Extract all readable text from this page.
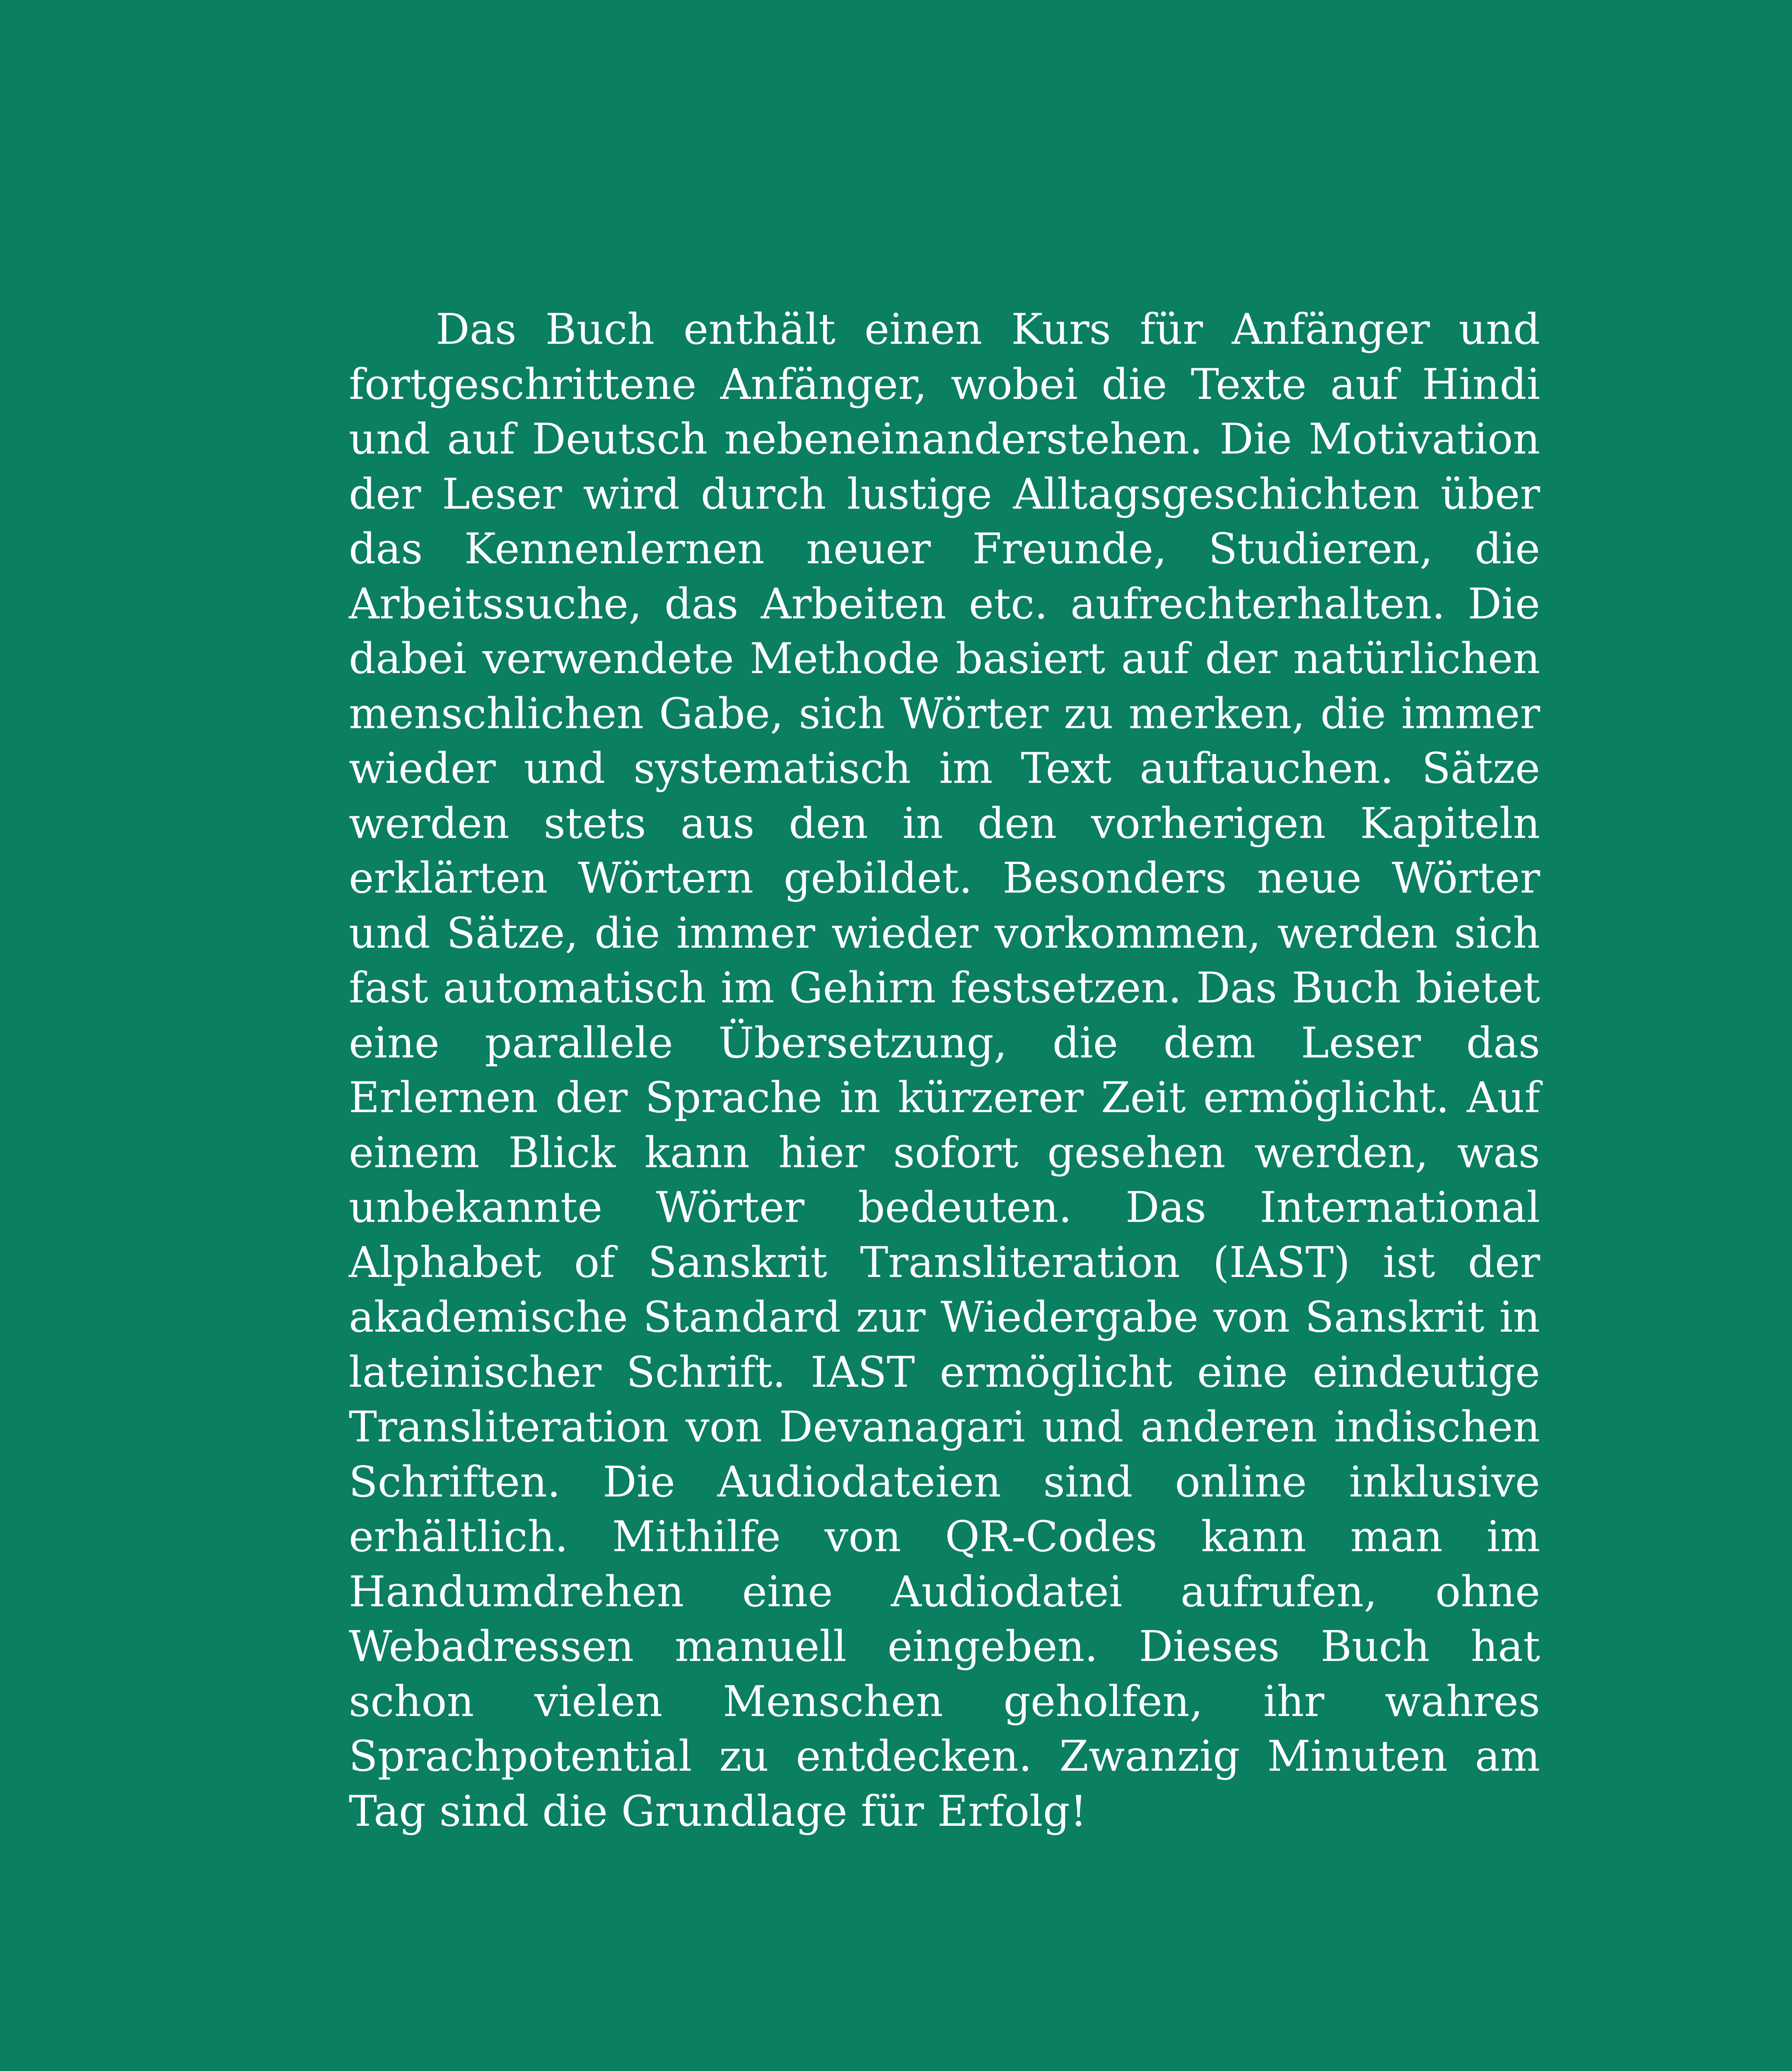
Das Buch enthält einen Kurs für Anfänger und fortgeschrittene Anfänger, wobei die Texte auf Hindi und auf Deutsch nebeneinanderstehen. Die Motivation der Leser wird durch lustige Alltagsgeschichten über das Kennenlernen neuer Freunde, Studieren, die Arbeitssuche, das Arbeiten etc. aufrechterhalten. Die dabei verwendete Methode basiert auf der natürlichen menschlichen Gabe, sich Wörter zu merken, die immer wieder und systematisch im Text auftauchen. Sätze werden stets aus den in den vorherigen Kapiteln erklärten Wörtern gebildet. Besonders neue Wörter und Sätze, die immer wieder vorkommen, werden sich fast automatisch im Gehirn festsetzen. Das Buch bietet eine parallele Übersetzung, die dem Leser das Erlernen der Sprache in kürzerer Zeit ermöglicht. Auf einem Blick kann hier sofort gesehen werden, was unbekannte Wörter bedeuten. Das International Alphabet of Sanskrit Transliteration (IAST) ist der akademische Standard zur Wiedergabe von Sanskrit in lateinischer Schrift. IAST ermöglicht eine eindeutige Transliteration von Devanagari und anderen indischen Schriften. Die Audiodateien sind online inklusive erhältlich. Mithilfe von QR-Codes kann man im Handumdrehen eine Audiodatei aufrufen, ohne Webadressen manuell eingeben. Dieses Buch hat schon vielen Menschen geholfen, ihr wahres Sprachpotential zu entdecken. Zwanzig Minuten am Tag sind die Grundlage für Erfolg!
